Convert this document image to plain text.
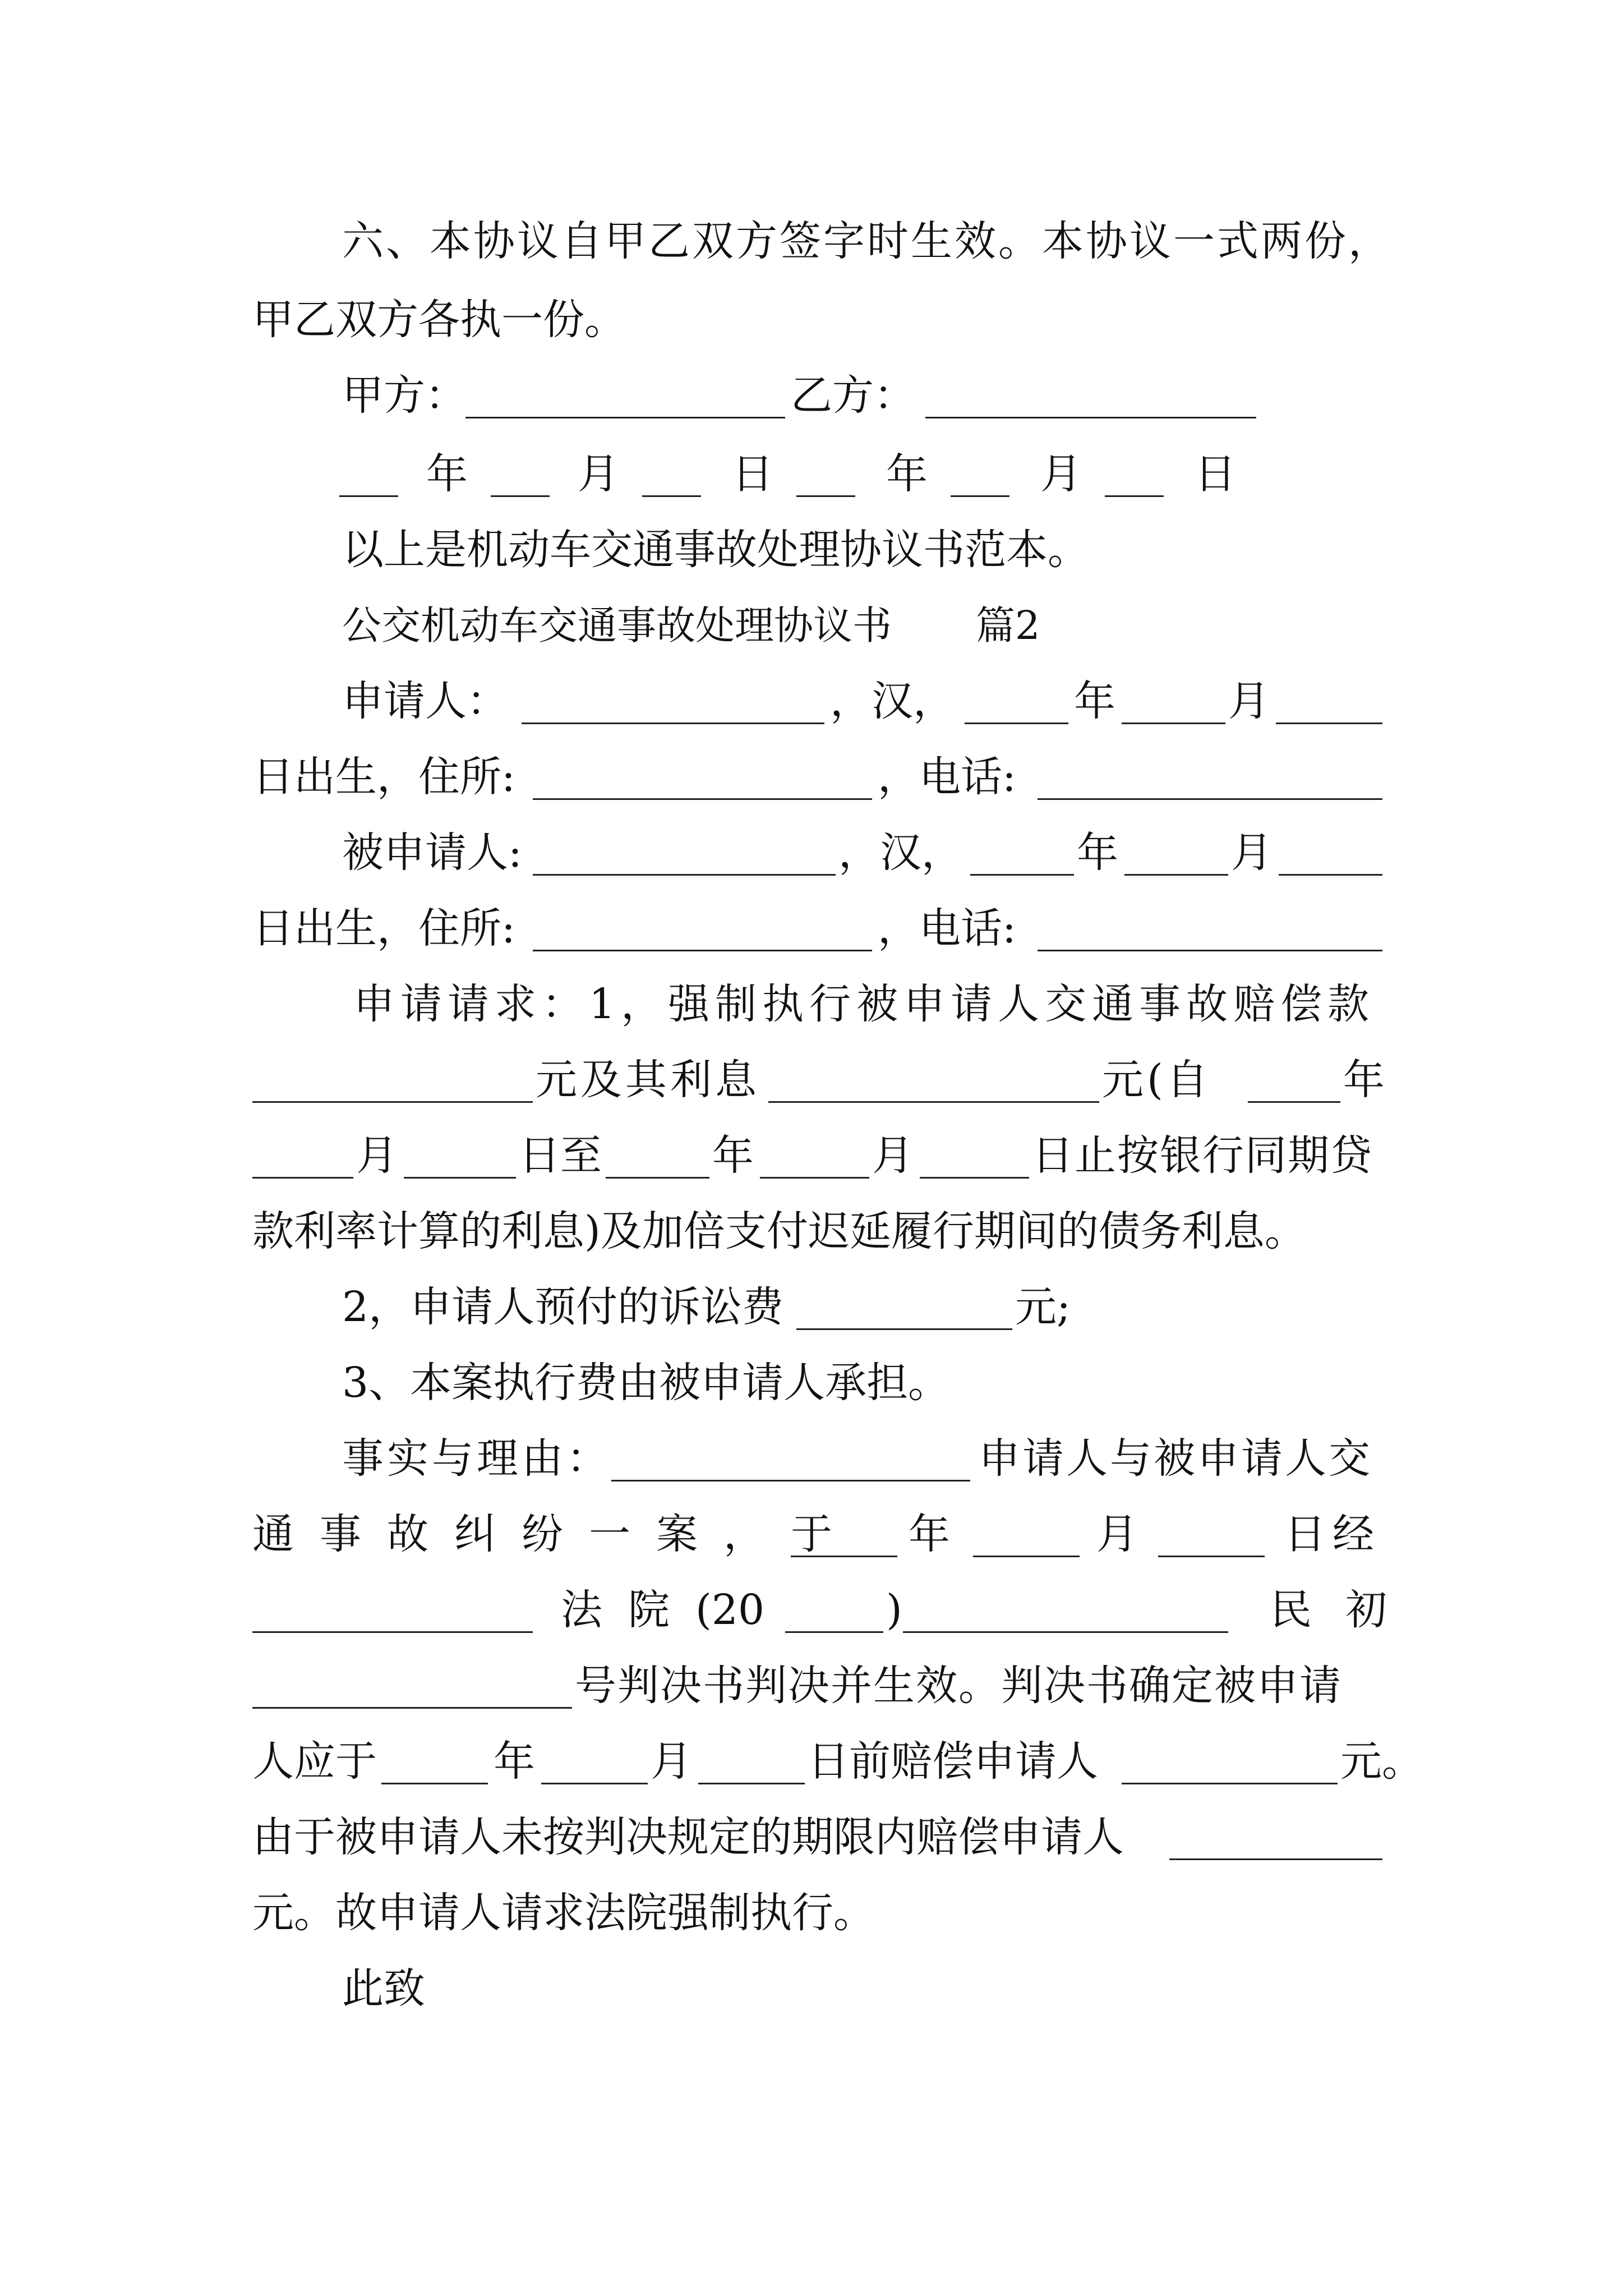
六、本协议自甲乙双方签字时生效。本协议一式两份，
甲乙双方各执一份。
甲方：	乙方：
年	月	日	年	月	日
以上是机动车交通事故处理协议书范本。
公交机动车交通事故处理协议书 篇2
申请人：	，汉，	年	月
日出生，住所:	，电话:
被申请人:	，汉，	年	月
日出生，住所:	，电话:
申请请求：1，强制执行被申请人交通事故赔偿款
元及其利息	元(自	年
月	日至	年	月	日止按银行同期贷
款利率计算的利息)及加倍支付迟延履行期间的债务利息。
2，申请人预付的诉讼费	元;
3、本案执行费由被申请人承担。
事实与理由：	申请人与被申请人交
通事故纠纷一案，于 年	月	日经
法院 (20	)	民初
号判决书判决并生效。判决书确定被申请
人应于	年	月	日前赔偿申请人	元。
由于被申请人未按判决规定的期限内赔偿申请人
元。故申请人请求法院强制执行。
此致
